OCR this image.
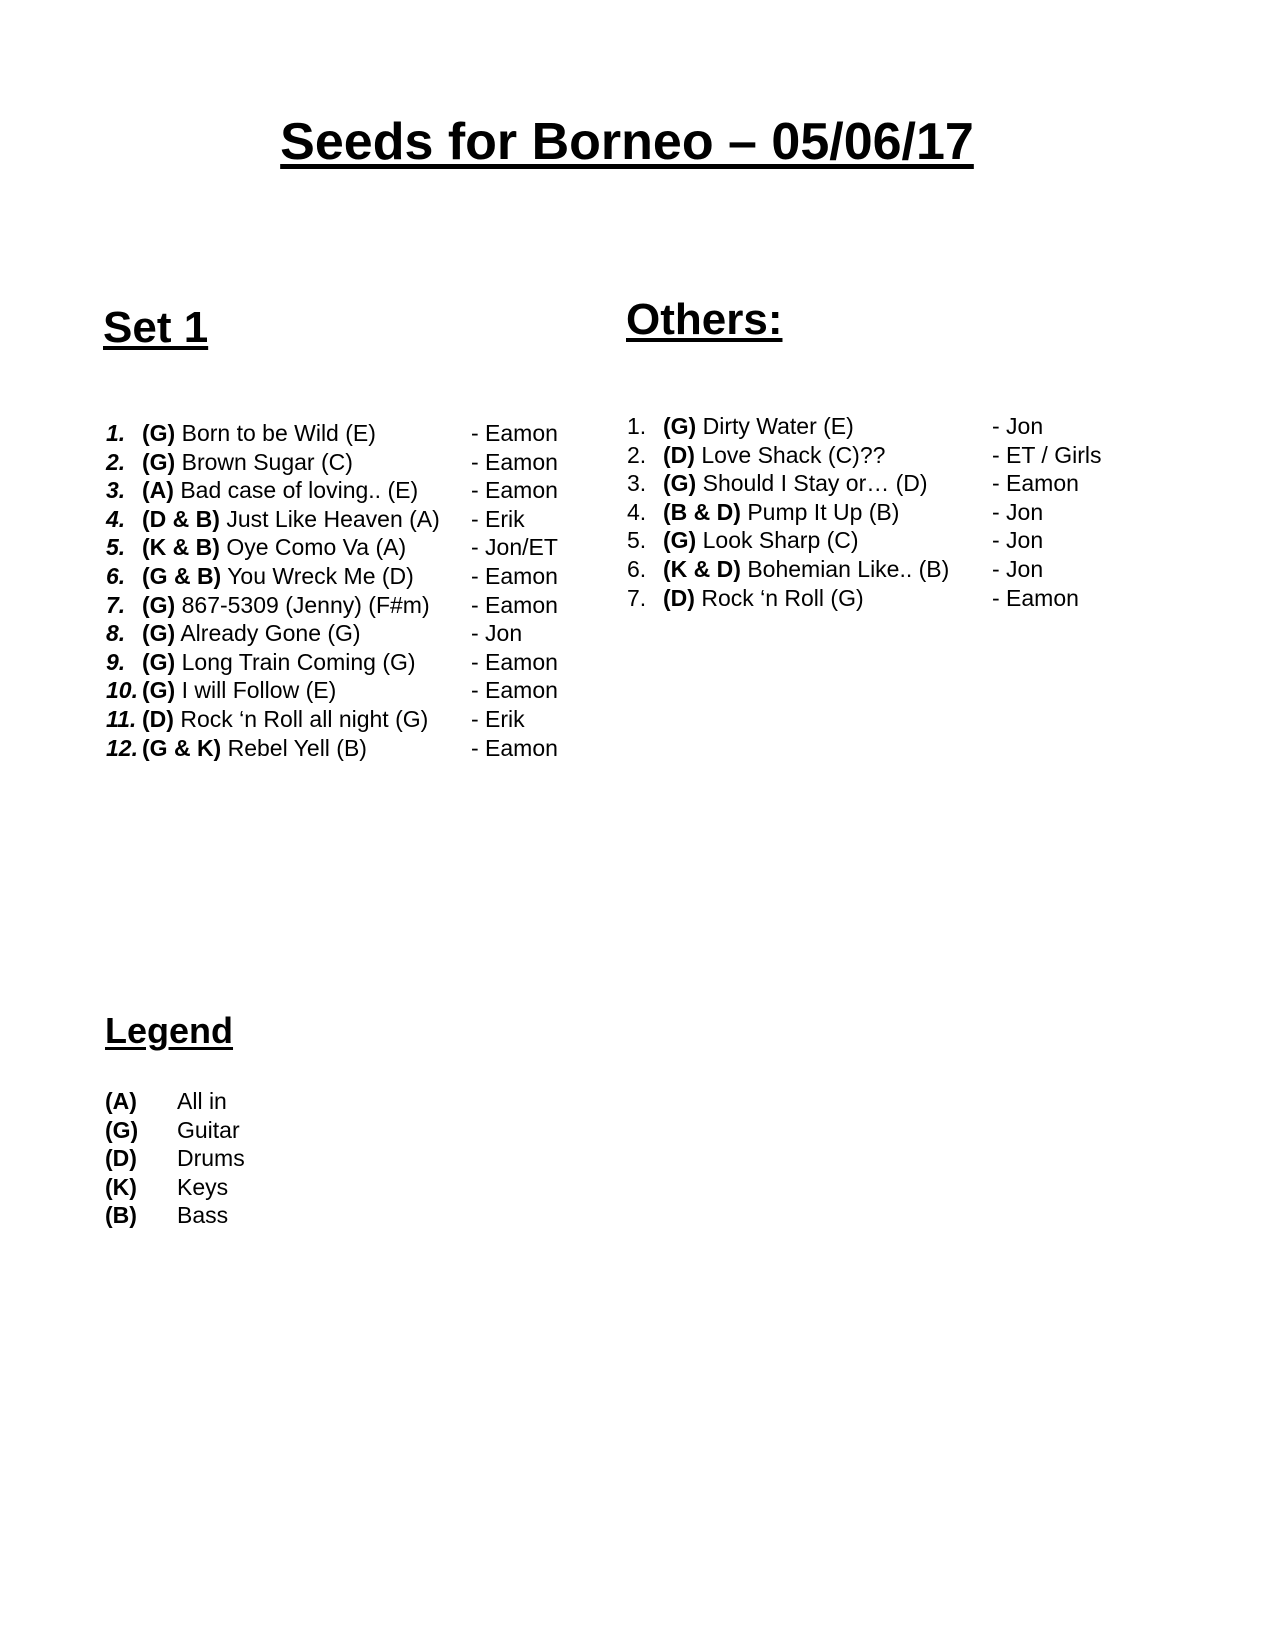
Seeds for Borneo – 05/06/17
Set 1
1. (G) Born to be Wild (E)	- Eamon
2. (G) Brown Sugar (C)	- Eamon
3. (A) Bad case of loving.. (E) - Eamon
4. (D & B) Just Like Heaven (A) - Erik
5. (K & B) Oye Como Va (A)	- Jon/ET
6. (G & B) You Wreck Me (D) - Eamon
7. (G) 867-5309 (Jenny) (F#m) - Eamon
8. (G) Already Gone (G)	- Jon
9. (G) Long Train Coming (G) - Eamon
10. (G) I will Follow (E)	- Eamon
11. (D) Rock ‘n Roll all night (G) - Erik
12. (G & K) Rebel Yell (B)	- Eamon
Others:
1. (G) Dirty Water (E)	- Jon
2. (D) Love Shack (C)??	- ET / Girls
3. (G) Should I Stay or… (D)	- Eamon
4. (B & D) Pump It Up (B)	- Jon
5. (G) Look Sharp (C)	- Jon
6. (K & D) Bohemian Like.. (B) - Jon
7. (D) Rock ‘n Roll (G)	- Eamon
Legend
(A) All in
(G) Guitar
(D) Drums
(K) Keys
(B) Bass
